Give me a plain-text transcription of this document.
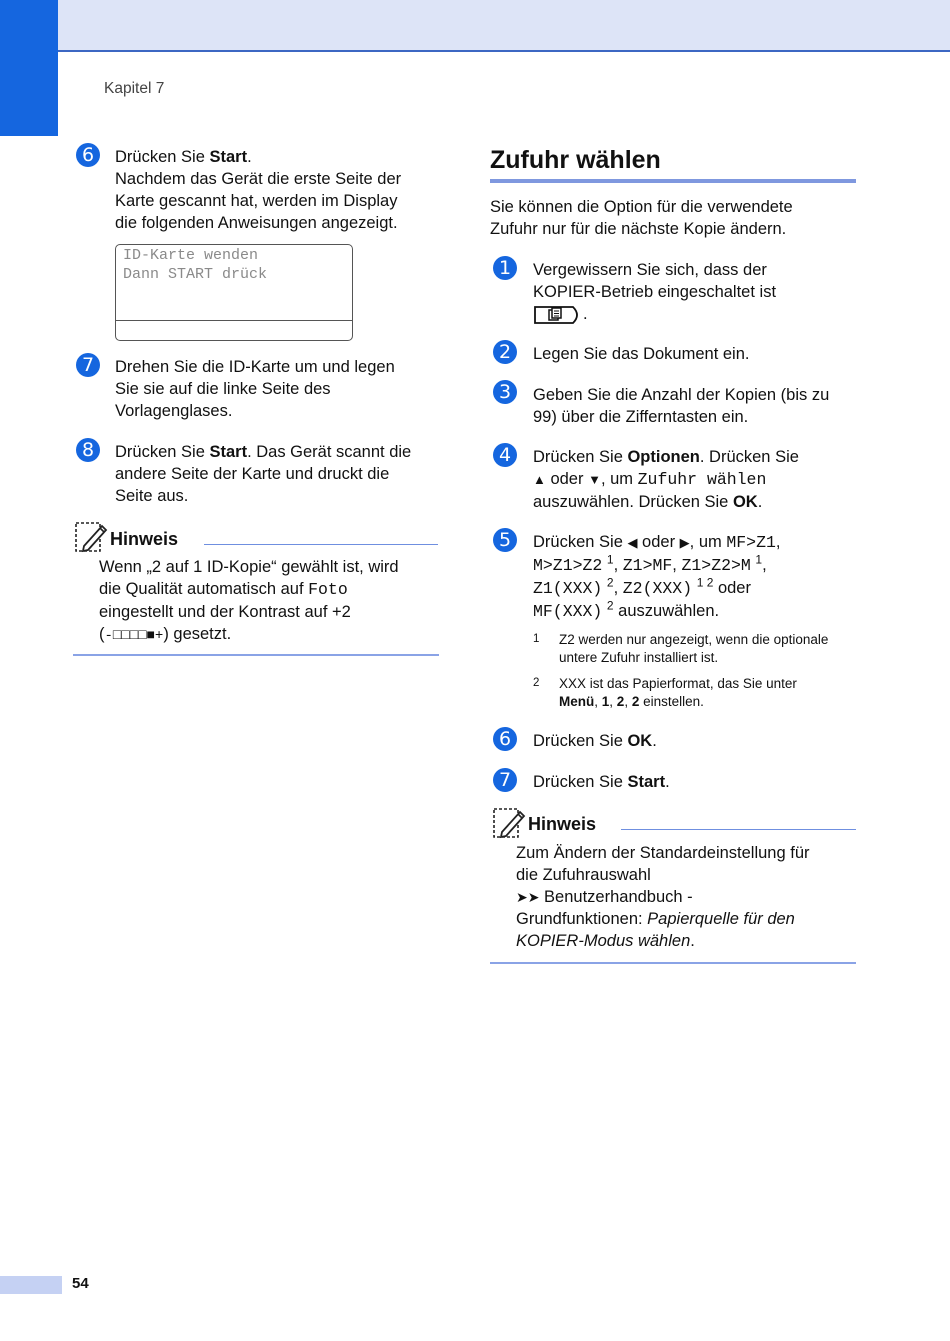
Kapitel 7
6	Drücken Sie Start.
Nachdem das Gerät die erste Seite der
Karte gescannt hat, werden im Display
die folgenden Anweisungen angezeigt.
ID-Karte wenden
Dann START drück
7	Drehen Sie die ID-Karte um und legen
Sie sie auf die linke Seite des
Vorlagenglases.
8	Drücken Sie Start. Das Gerät scannt die
andere Seite der Karte und druckt die
Seite aus.
Hinweis
Wenn „2 auf 1 ID-Kopie“ gewählt ist, wird
die Qualität automatisch auf Foto
eingestellt und der Kontrast auf +2
(-□□□□■+) gesetzt.
Zufuhr wählen
Sie können die Option für die verwendete
Zufuhr nur für die nächste Kopie ändern.
1	Vergewissern Sie sich, dass der
KOPIER-Betrieb eingeschaltet ist
.
2	Legen Sie das Dokument ein.
3	Geben Sie die Anzahl der Kopien (bis zu
99) über die Zifferntasten ein.
4	Drücken Sie Optionen. Drücken Sie
▲ oder ▼, um Zufuhr wählen
auszuwählen. Drücken Sie OK.
5	Drücken Sie ◀ oder ▶, um MF>Z1,
M>Z1>Z2 $^1$, Z1>MF, Z1>Z2>M $^1$,
Z1(XXX) $^2$, Z2(XXX) $^{1 2}$ oder
MF(XXX) $^2$ auszuwählen.
1 Z2 werden nur angezeigt, wenn die optionale
untere Zufuhr installiert ist.
2 XXX ist das Papierformat, das Sie unter
Menü, 1, 2, 2 einstellen.
6	Drücken Sie OK.
7	Drücken Sie Start.
Hinweis
Zum Ändern der Standardeinstellung für
die Zufuhrauswahl
➤➤ Benutzerhandbuch -
Grundfunktionen: Papierquelle für den
KOPIER-Modus wählen.
54
